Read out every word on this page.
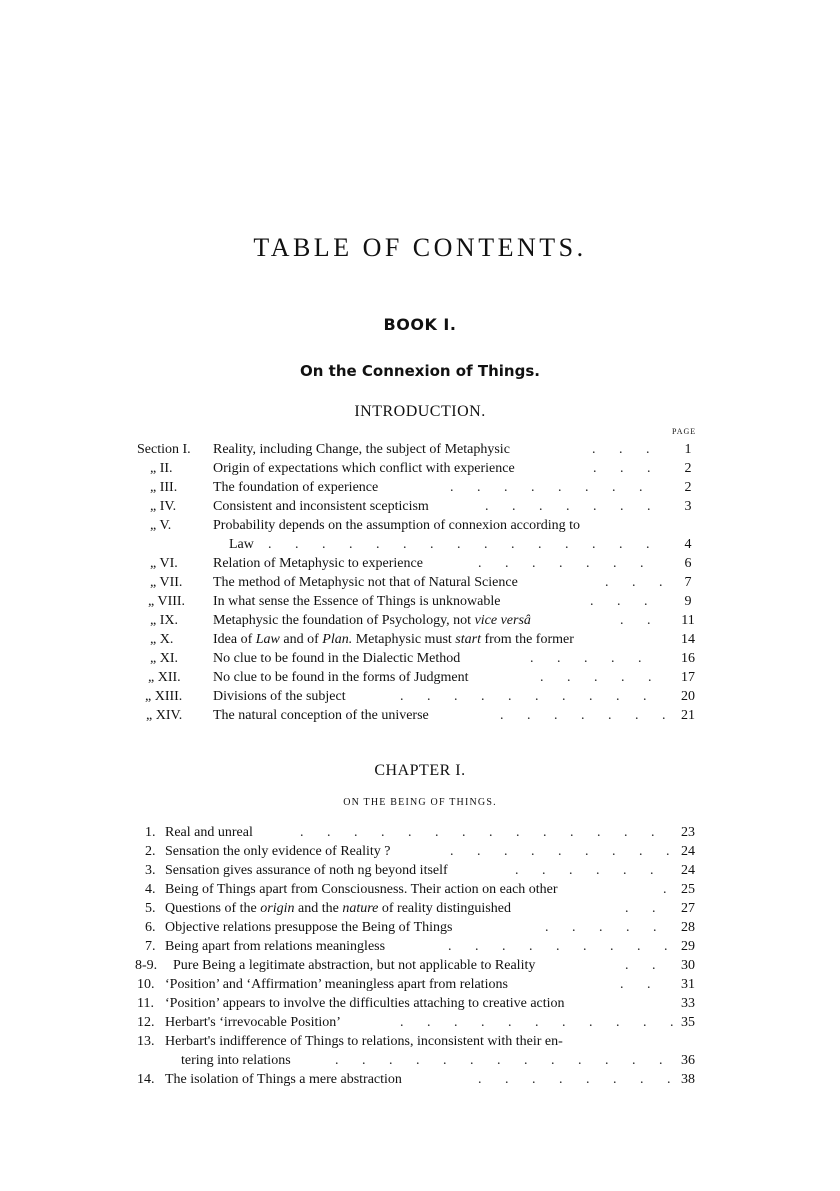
TABLE OF CONTENTS.
BOOK I.
On the Connexion of Things.
INTRODUCTION.
PAGE
Section I. Reality, including Change, the subject of Metaphysic . . .	1
„ II.	Origin of expectations which conflict with experience . . .	2
„ III.	The foundation of experience . . .	2
„ IV.	Consistent and inconsistent scepticism . . .	3
„ V.	Probability depends on the assumption of connexion according to
Law . . .	4
„ VI.	Relation of Metaphysic to experience . . .	6
„ VII. The method of Metaphysic not that of Natural Science . . .	7
„ VIII. In what sense the Essence of Things is unknowable . . .	9
„ IX.	Metaphysic the foundation of Psychology, not vice versâ . . .	11
„ X.	Idea of Law and of Plan. Metaphysic must start from the former	14
„ XI.	No clue to be found in the Dialectic Method . . .	16
„ XII. No clue to be found in the forms of Judgment . . .	17
„ XIII. Divisions of the subject . . .	20
„ XIV. The natural conception of the universe . . .	21
CHAPTER I.
ON THE BEING OF THINGS.
1. Real and unreal . . .	23
2. Sensation the only evidence of Reality ? . . .	24
3. Sensation gives assurance of noth ng beyond itself . . .	24
4. Being of Things apart from Consciousness. Their action on each other . . .	25
5. Questions of the origin and the nature of reality distinguished . . .	27
6. Objective relations presuppose the Being of Things . . .	28
7. Being apart from relations meaningless . . .	29
8-9. Pure Being a legitimate abstraction, but not applicable to Reality . . .	30
10. ‘Position’ and ‘Affirmation’ meaningless apart from relations . . .	31
11. ‘Position’ appears to involve the difficulties attaching to creative action	33
12. Herbart's ‘irrevocable Position’ . . .	35
13. Herbart's indifference of Things to relations, inconsistent with their en-
tering into relations . . .	36
14. The isolation of Things a mere abstraction . . .	38
